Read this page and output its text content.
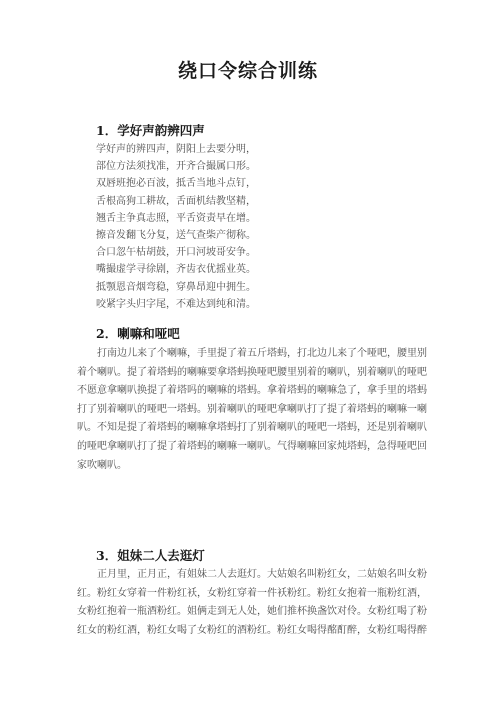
绕口令综合训练
1．学好声韵辨四声
学好声的辨四声，阴阳上去要分明，
部位方法须找准，开齐合撮属口形。
双唇班抱必百波，抵舌当地斗点钉，
舌根高狗工耕故，舌面机结教坚精，
翘舌主争真志照，平舌资责早在增。
擦音发翻飞分复，送气查柴产彻称。
合口忽午枯胡鼓，开口河坡哥安争。
嘴撮虚学寻徐剧，齐齿衣优摇业英。
抵颚恩音烟弯稳，穿鼻昂迎中拥生。
咬紧字头归字尾，不难达到纯和清。
2．喇嘛和哑吧
打南边儿来了个喇嘛，手里提了着五斤塔蚂，打北边儿来了个哑吧，腰里别
着个喇叭。提了着塔蚂的喇嘛要拿塔蚂换哑吧腰里别着的喇叭，别着喇叭的哑吧
不愿意拿喇叭换提了着塔吗的喇嘛的塔蚂。拿着塔蚂的喇嘛急了，拿手里的塔蚂
打了别着喇叭的哑吧一塔蚂。别着喇叭的哑吧拿喇叭打了提了着塔蚂的喇嘛一喇
叭。不知是提了着塔蚂的喇嘛拿塔蚂打了别着喇叭的哑吧一塔蚂，还是别着喇叭
的哑吧拿喇叭打了提了着塔蚂的喇嘛一喇叭。气得喇嘛回家炖塔蚂，急得哑吧回
家吹喇叭。
3．姐妹二人去逛灯
正月里，正月正，有姐妹二人去逛灯。大姑娘名叫粉红女，二姑娘名叫女粉
红。粉红女穿着一件粉红袄，女粉红穿着一件袄粉红。粉红女抱着一瓶粉红酒，
女粉红抱着一瓶酒粉红。姐俩走到无人处，她们推杯换盏饮对伶。女粉红喝了粉
红女的粉红酒，粉红女喝了女粉红的酒粉红。粉红女喝得酩酊醉，女粉红喝得醉
